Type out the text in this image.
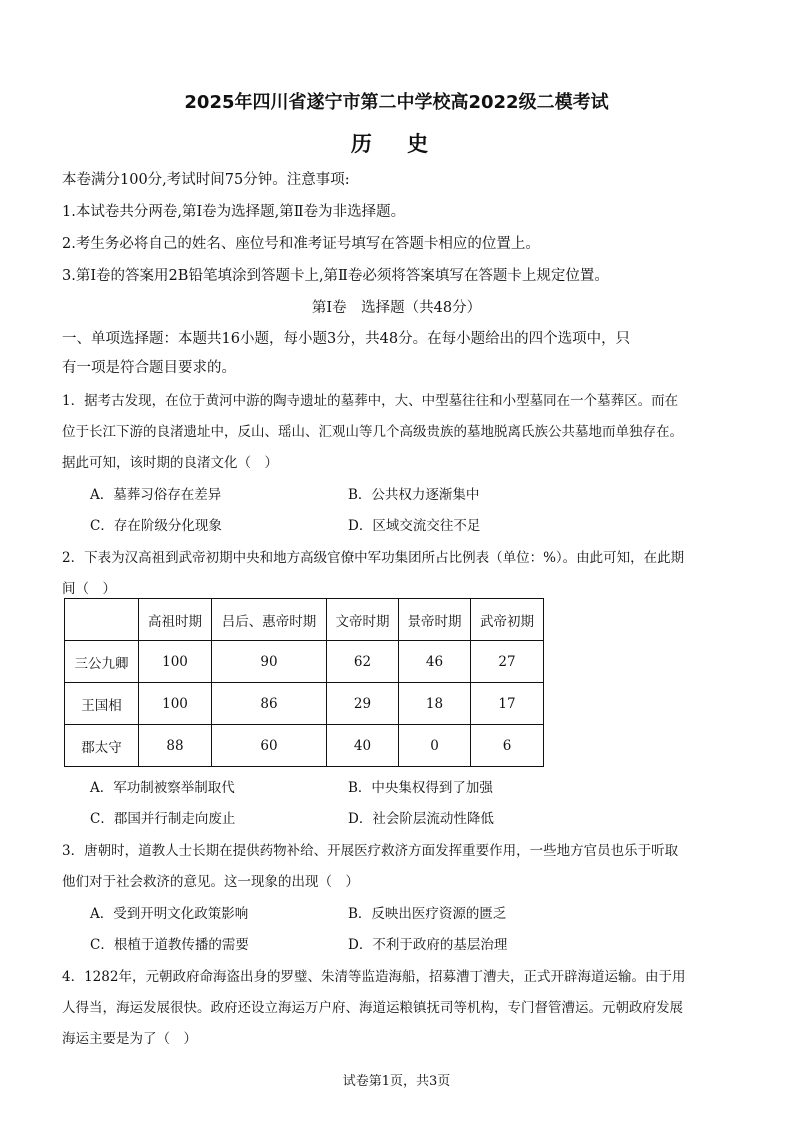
2025年四川省遂宁市第二中学校高2022级二模考试
历 史
本卷满分100分,考试时间75分钟。注意事项:
1.本试卷共分两卷,第Ⅰ卷为选择题,第Ⅱ卷为非选择题。
2.考生务必将自己的姓名、座位号和准考证号填写在答题卡相应的位置上。
3.第Ⅰ卷的答案用2B铅笔填涂到答题卡上,第Ⅱ卷必须将答案填写在答题卡上规定位置。
第Ⅰ卷　选择题（共48分）
一、单项选择题：本题共16小题，每小题3分，共48分。在每小题给出的四个选项中，只
有一项是符合题目要求的。
1．据考古发现，在位于黄河中游的陶寺遗址的墓葬中，大、中型墓往往和小型墓同在一个墓葬区。而在
位于长江下游的良渚遗址中，反山、瑶山、汇观山等几个高级贵族的墓地脱离氏族公共墓地而单独存在。
据此可知，该时期的良渚文化（　）
A．墓葬习俗存在差异	B．公共权力逐渐集中
C．存在阶级分化现象	D．区域交流交往不足
2．下表为汉高祖到武帝初期中央和地方高级官僚中军功集团所占比例表（单位：%）。由此可知，在此期
间（　）
	高祖时期	吕后、惠帝时期	文帝时期	景帝时期	武帝初期
三公九卿	100	90	62	46	27
王国相	100	86	29	18	17
郡太守	88	60	40	0	6
A．军功制被察举制取代	B．中央集权得到了加强
C．郡国并行制走向废止	D．社会阶层流动性降低
3．唐朝时，道教人士长期在提供药物补给、开展医疗救济方面发挥重要作用，一些地方官员也乐于听取
他们对于社会救济的意见。这一现象的出现（　）
A．受到开明文化政策影响	B．反映出医疗资源的匮乏
C．根植于道教传播的需要	D．不利于政府的基层治理
4．1282年，元朝政府命海盗出身的罗璧、朱清等监造海船，招募漕丁漕夫，正式开辟海道运输。由于用
人得当，海运发展很快。政府还设立海运万户府、海道运粮镇抚司等机构，专门督管漕运。元朝政府发展
海运主要是为了（　）
试卷第1页，共3页
